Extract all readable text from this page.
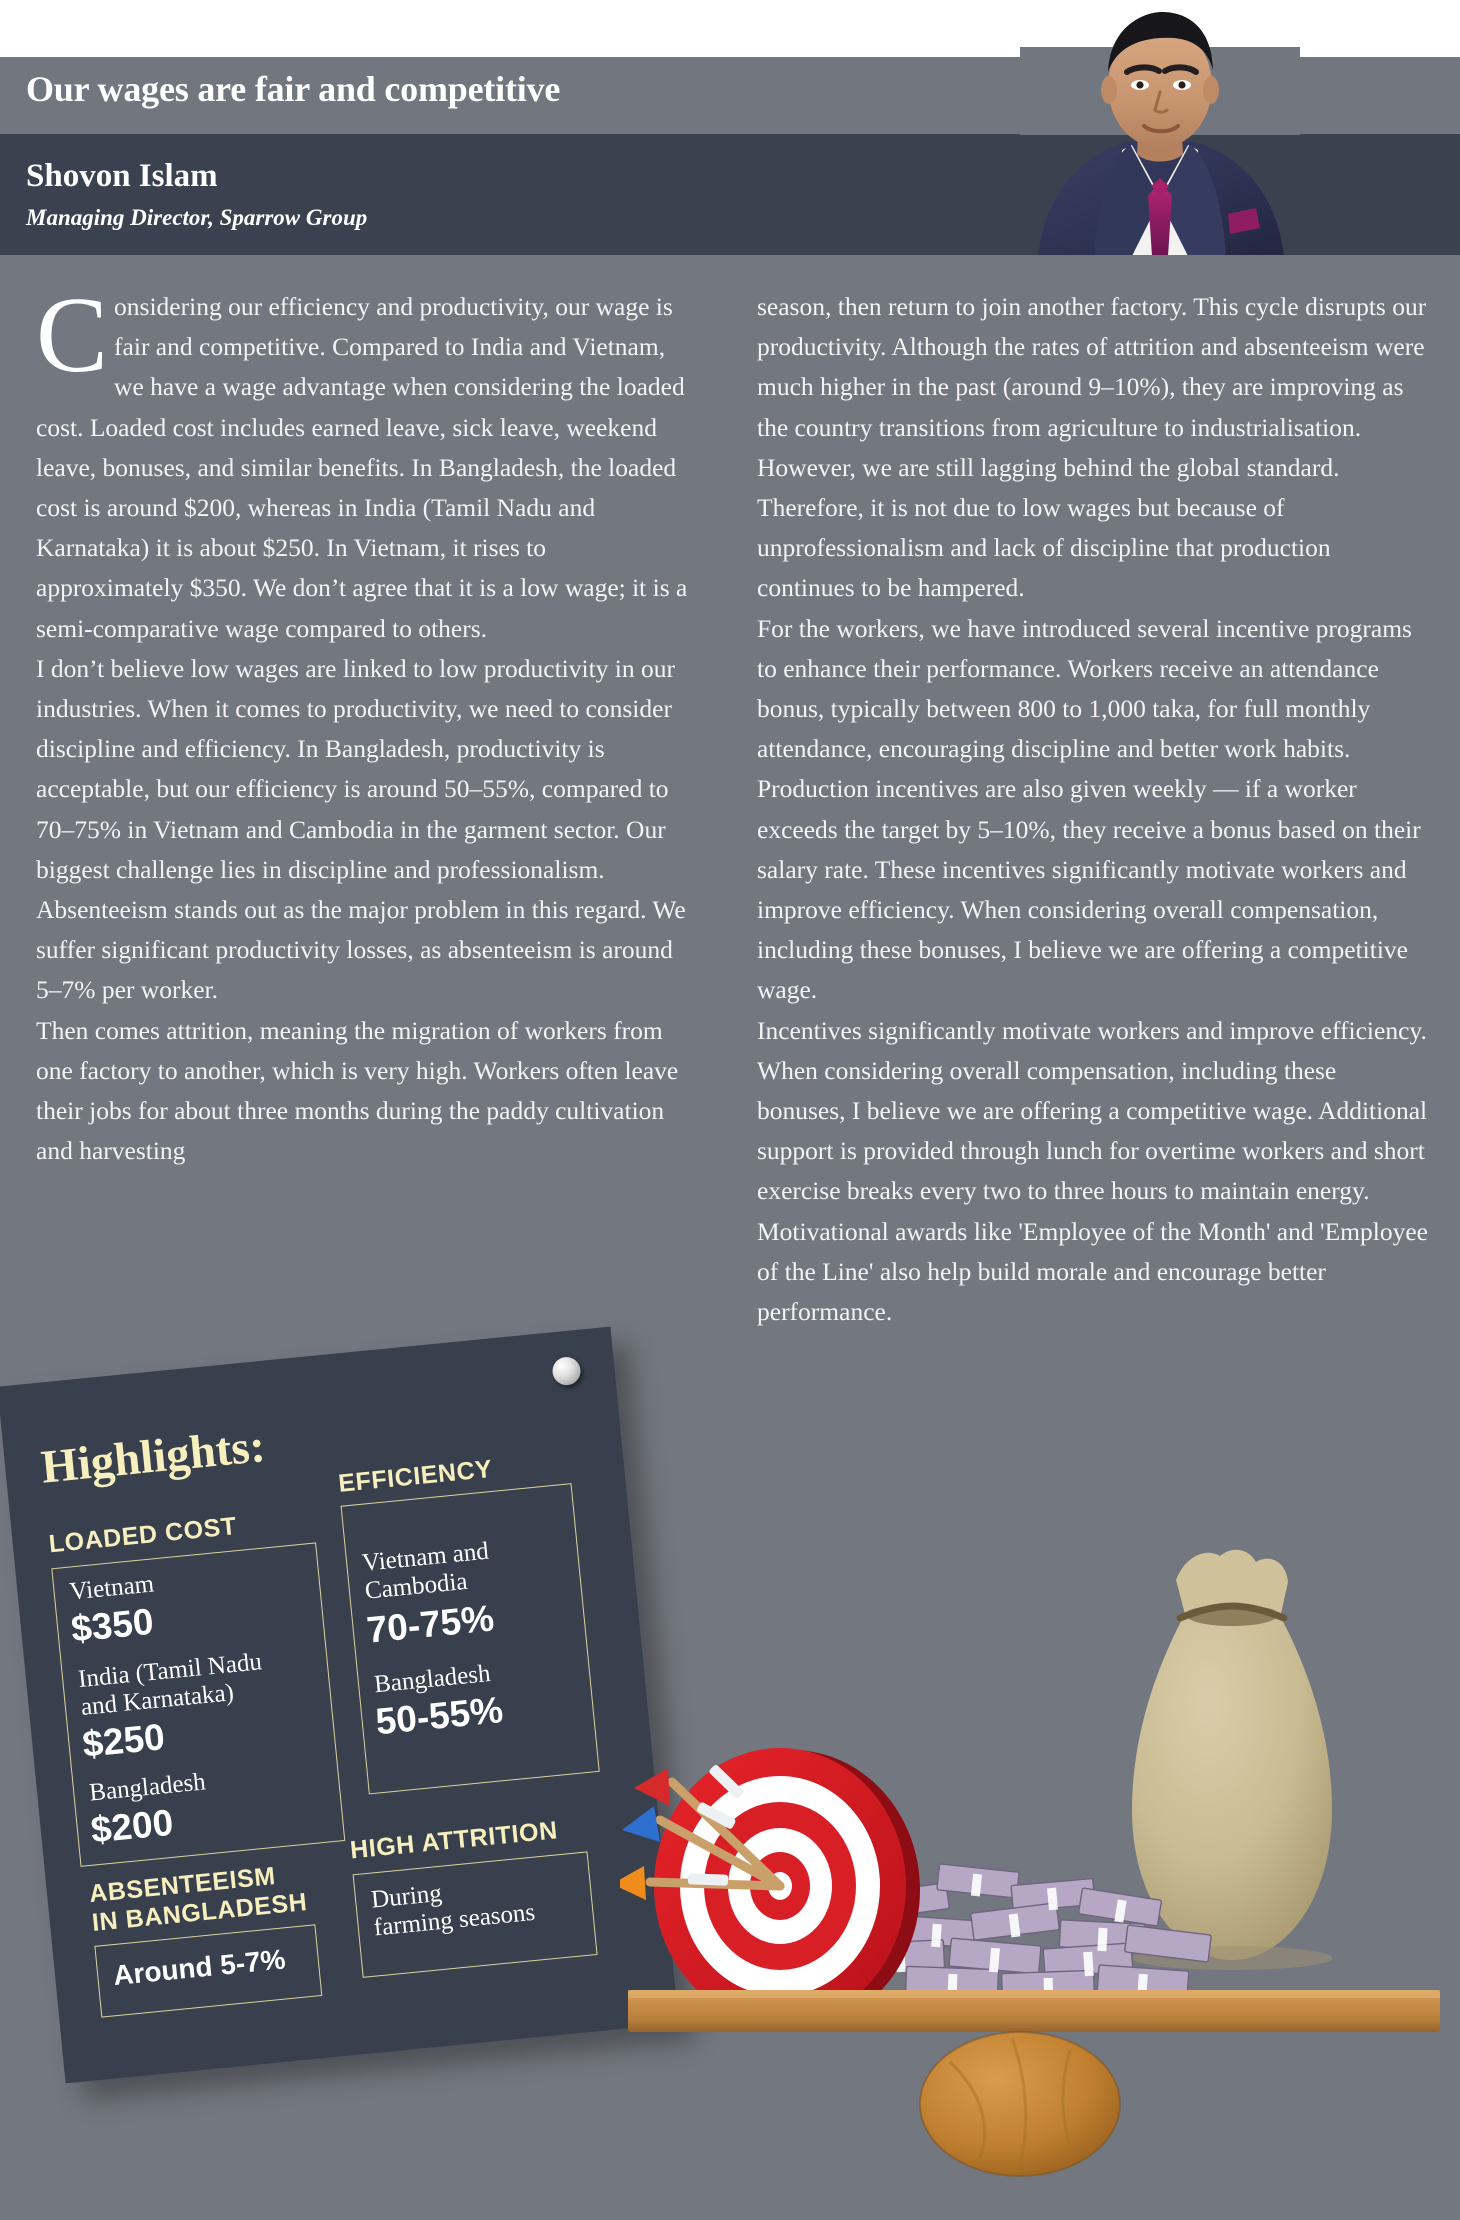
Our wages are fair and competitive
Shovon Islam
Managing Director, Sparrow Group

Considering our efficiency and productivity, our wage is fair and competitive. Compared to India and Vietnam, we have a wage advantage when considering the loaded cost. Loaded cost includes earned leave, sick leave, weekend leave, bonuses, and similar benefits. In Bangladesh, the loaded cost is around $200, whereas in India (Tamil Nadu and Karnataka) it is about $250. In Vietnam, it rises to approximately $350. We don’t agree that it is a low wage; it is a semi-comparative wage compared to others.

I don’t believe low wages are linked to low productivity in our industries. When it comes to productivity, we need to consider discipline and efficiency. In Bangladesh, productivity is acceptable, but our efficiency is around 50–55%, compared to 70–75% in Vietnam and Cambodia in the garment sector. Our biggest challenge lies in discipline and professionalism. Absenteeism stands out as the major problem in this regard. We suffer significant productivity losses, as absenteeism is around 5–7% per worker.

Then comes attrition, meaning the migration of workers from one factory to another, which is very high. Workers often leave their jobs for about three months during the paddy cultivation and harvesting

season, then return to join another factory. This cycle disrupts our productivity. Although the rates of attrition and absenteeism were much higher in the past (around 9–10%), they are improving as the country transitions from agriculture to industrialisation. However, we are still lagging behind the global standard. Therefore, it is not due to low wages but because of unprofessionalism and lack of discipline that production continues to be hampered.

For the workers, we have introduced several incentive programs to enhance their performance. Workers receive an attendance bonus, typically between 800 to 1,000 taka, for full monthly attendance, encouraging discipline and better work habits. Production incentives are also given weekly — if a worker exceeds the target by 5–10%, they receive a bonus based on their salary rate. These incentives significantly motivate workers and improve efficiency. When considering overall compensation, including these bonuses, I believe we are offering a competitive wage.

Incentives significantly motivate workers and improve efficiency. When considering overall compensation, including these bonuses, I believe we are offering a competitive wage. Additional support is provided through lunch for overtime workers and short exercise breaks every two to three hours to maintain energy. Motivational awards like 'Employee of the Month' and 'Employee of the Line' also help build morale and encourage better performance.

Highlights:
LOADED COST
Vietnam
$350
India (Tamil Nadu
and Karnataka)
$250
Bangladesh
$200
EFFICIENCY
Vietnam and
Cambodia
70-75%
Bangladesh
50-55%
ABSENTEEISM
IN BANGLADESH
Around 5-7%
HIGH ATTRITION
During
farming seasons
